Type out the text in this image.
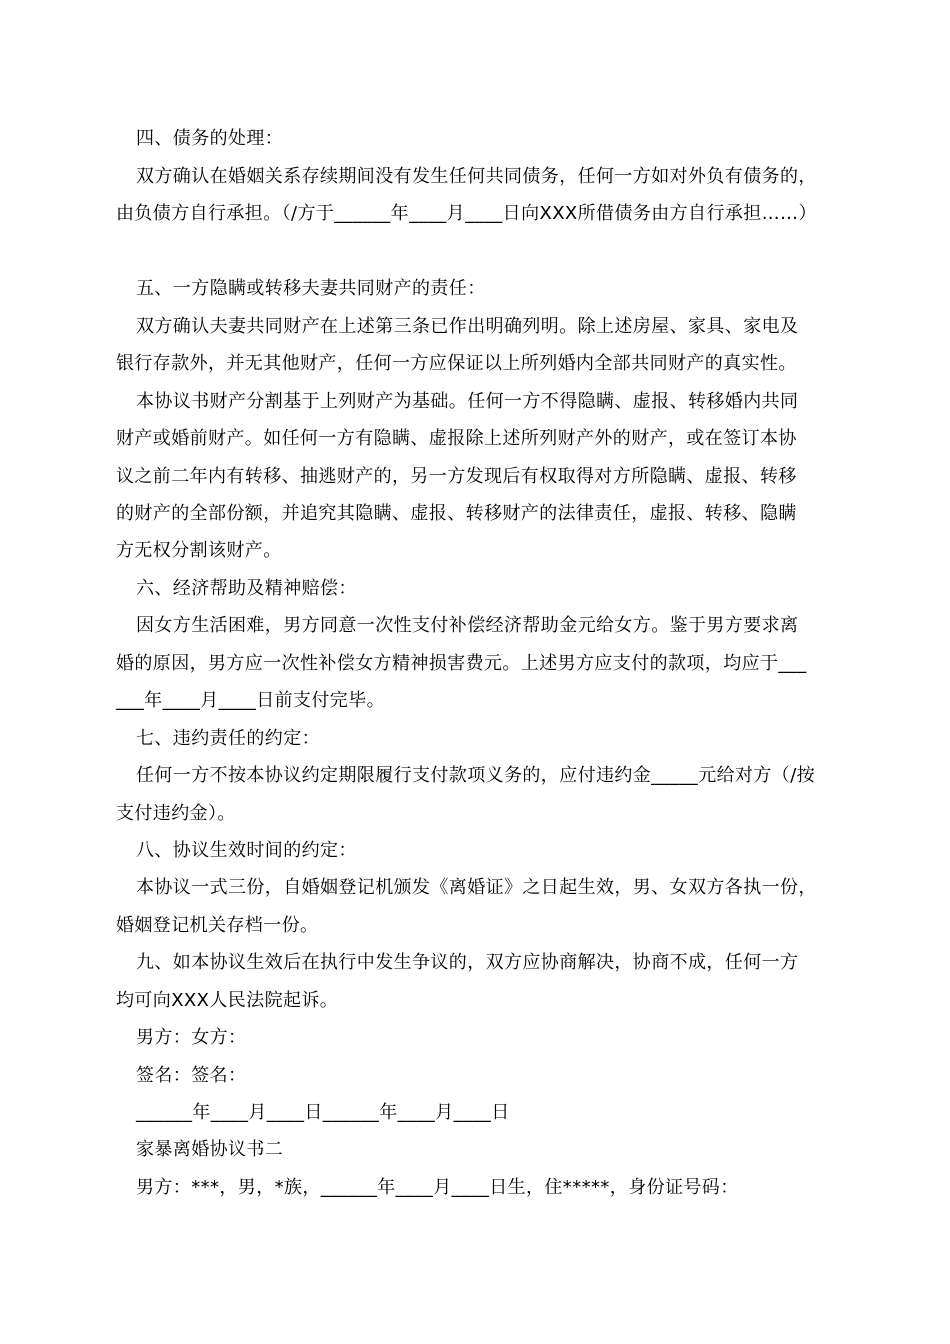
四、债务的处理：
双方确认在婚姻关系存续期间没有发生任何共同债务，任何一方如对外负有债务的，
由负债方自行承担。（/方于______年____月____日向XXX所借债务由方自行承担……）
五、一方隐瞒或转移夫妻共同财产的责任：
双方确认夫妻共同财产在上述第三条已作出明确列明。除上述房屋、家具、家电及
银行存款外，并无其他财产，任何一方应保证以上所列婚内全部共同财产的真实性。
本协议书财产分割基于上列财产为基础。任何一方不得隐瞒、虚报、转移婚内共同
财产或婚前财产。如任何一方有隐瞒、虚报除上述所列财产外的财产，或在签订本协
议之前二年内有转移、抽逃财产的，另一方发现后有权取得对方所隐瞒、虚报、转移
的财产的全部份额，并追究其隐瞒、虚报、转移财产的法律责任，虚报、转移、隐瞒
方无权分割该财产。
六、经济帮助及精神赔偿：
因女方生活困难，男方同意一次性支付补偿经济帮助金元给女方。鉴于男方要求离
婚的原因，男方应一次性补偿女方精神损害费元。上述男方应支付的款项，均应于___
___年____月____日前支付完毕。
七、违约责任的约定：
任何一方不按本协议约定期限履行支付款项义务的，应付违约金_____元给对方（/按
支付违约金）。
八、协议生效时间的约定：
本协议一式三份，自婚姻登记机颁发《离婚证》之日起生效，男、女双方各执一份，
婚姻登记机关存档一份。
九、如本协议生效后在执行中发生争议的，双方应协商解决，协商不成，任何一方
均可向XXX人民法院起诉。
男方：女方：
签名：签名：
______年____月____日______年____月____日
家暴离婚协议书二
男方：***，男，*族，______年____月____日生，住*****，身份证号码：
